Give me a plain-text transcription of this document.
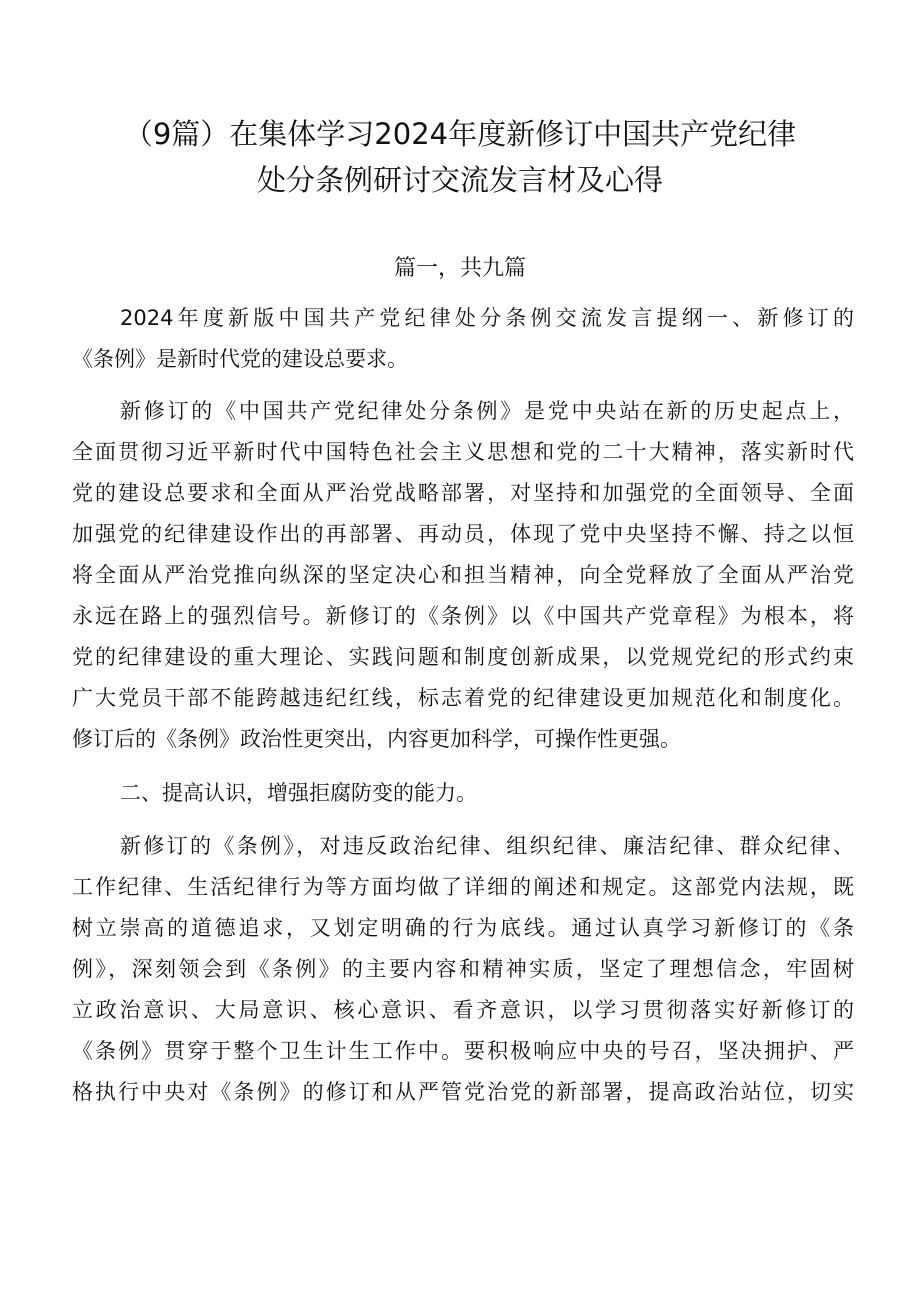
（9篇）在集体学习2024年度新修订中国共产党纪律
处分条例研讨交流发言材及心得
篇一，共九篇
2024年度新版中国共产党纪律处分条例交流发言提纲一、新修订的
《条例》是新时代党的建设总要求。
新修订的《中国共产党纪律处分条例》是党中央站在新的历史起点上，
全面贯彻习近平新时代中国特色社会主义思想和党的二十大精神，落实新时代
党的建设总要求和全面从严治党战略部署，对坚持和加强党的全面领导、全面
加强党的纪律建设作出的再部署、再动员，体现了党中央坚持不懈、持之以恒
将全面从严治党推向纵深的坚定决心和担当精神，向全党释放了全面从严治党
永远在路上的强烈信号。新修订的《条例》以《中国共产党章程》为根本，将
党的纪律建设的重大理论、实践问题和制度创新成果，以党规党纪的形式约束
广大党员干部不能跨越违纪红线，标志着党的纪律建设更加规范化和制度化。
修订后的《条例》政治性更突出，内容更加科学，可操作性更强。
二、提高认识，增强拒腐防变的能力。
新修订的《条例》，对违反政治纪律、组织纪律、廉洁纪律、群众纪律、
工作纪律、生活纪律行为等方面均做了详细的阐述和规定。这部党内法规，既
树立崇高的道德追求，又划定明确的行为底线。通过认真学习新修订的《条
例》，深刻领会到《条例》的主要内容和精神实质，坚定了理想信念，牢固树
立政治意识、大局意识、核心意识、看齐意识，以学习贯彻落实好新修订的
《条例》贯穿于整个卫生计生工作中。要积极响应中央的号召，坚决拥护、严
格执行中央对《条例》的修订和从严管党治党的新部署，提高政治站位，切实
